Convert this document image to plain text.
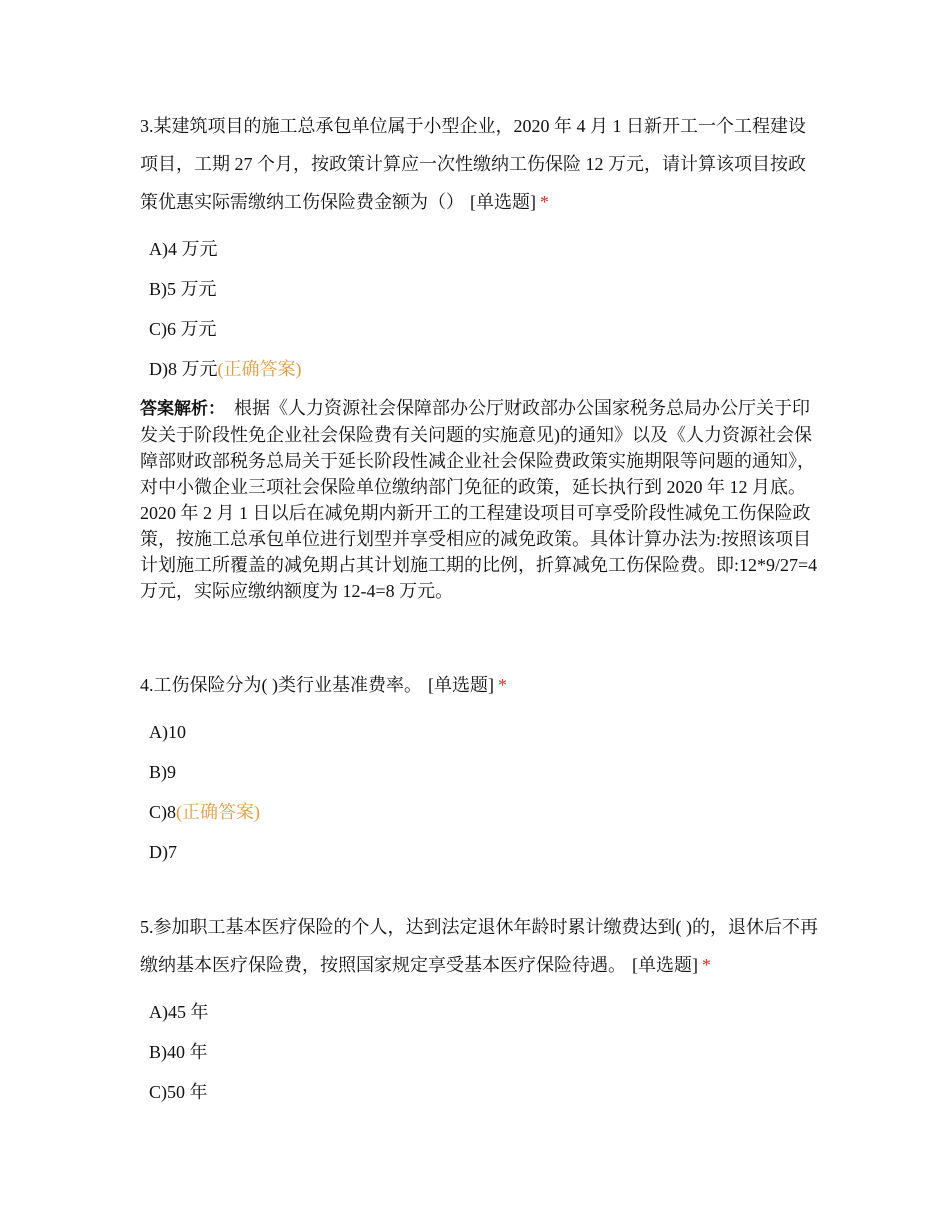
3.某建筑项目的施工总承包单位属于小型企业，2020 年 4 月 1 日新开工一个工程建设项目，工期 27 个月，按政策计算应一次性缴纳工伤保险 12 万元，请计算该项目按政策优惠实际需缴纳工伤保险费金额为（） [单选题] *

A)4 万元
B)5 万元
C)6 万元
D)8 万元(正确答案)

答案解析： 根据《人力资源社会保障部办公厅财政部办公国家税务总局办公厅关于印发关于阶段性免企业社会保险费有关问题的实施意见)的通知》以及《人力资源社会保障部财政部税务总局关于延长阶段性减企业社会保险费政策实施期限等问题的通知》，对中小微企业三项社会保险单位缴纳部门免征的政策，延长执行到 2020 年 12 月底。2020 年 2 月 1 日以后在减免期内新开工的工程建设项目可享受阶段性减免工伤保险政策，按施工总承包单位进行划型并享受相应的减免政策。具体计算办法为:按照该项目计划施工所覆盖的减免期占其计划施工期的比例，折算减免工伤保险费。即:12*9/27=4 万元，实际应缴纳额度为 12-4=8 万元。

4.工伤保险分为( )类行业基准费率。 [单选题] *

A)10
B)9
C)8(正确答案)
D)7

5.参加职工基本医疗保险的个人，达到法定退休年龄时累计缴费达到( )的，退休后不再缴纳基本医疗保险费，按照国家规定享受基本医疗保险待遇。 [单选题] *

A)45 年
B)40 年
C)50 年
